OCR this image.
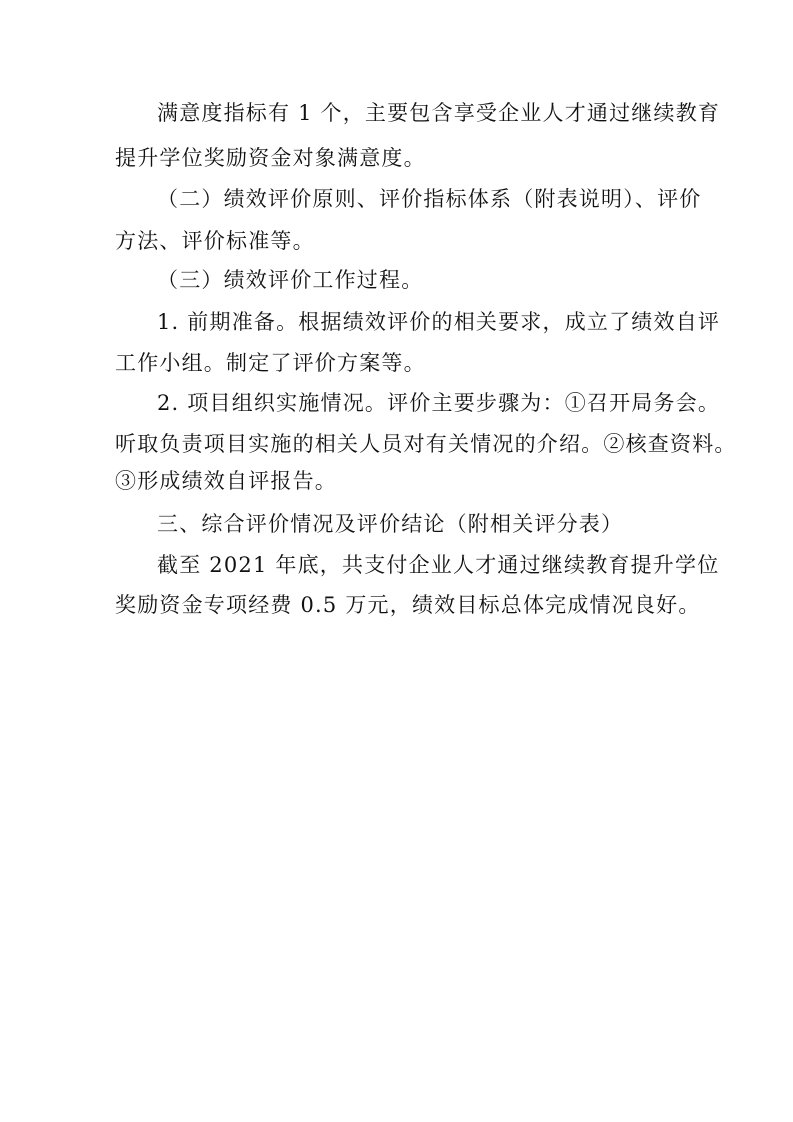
满意度指标有 1 个，主要包含享受企业人才通过继续教育
提升学位奖励资金对象满意度。
（二）绩效评价原则、评价指标体系（附表说明）、评价
方法、评价标准等。
（三）绩效评价工作过程。
1. 前期准备。根据绩效评价的相关要求，成立了绩效自评
工作小组。制定了评价方案等。
2. 项目组织实施情况。评价主要步骤为：①召开局务会。
听取负责项目实施的相关人员对有关情况的介绍。②核查资料。
③形成绩效自评报告。
三、综合评价情况及评价结论（附相关评分表）
截至 2021 年底，共支付企业人才通过继续教育提升学位
奖励资金专项经费 0.5 万元，绩效目标总体完成情况良好。
